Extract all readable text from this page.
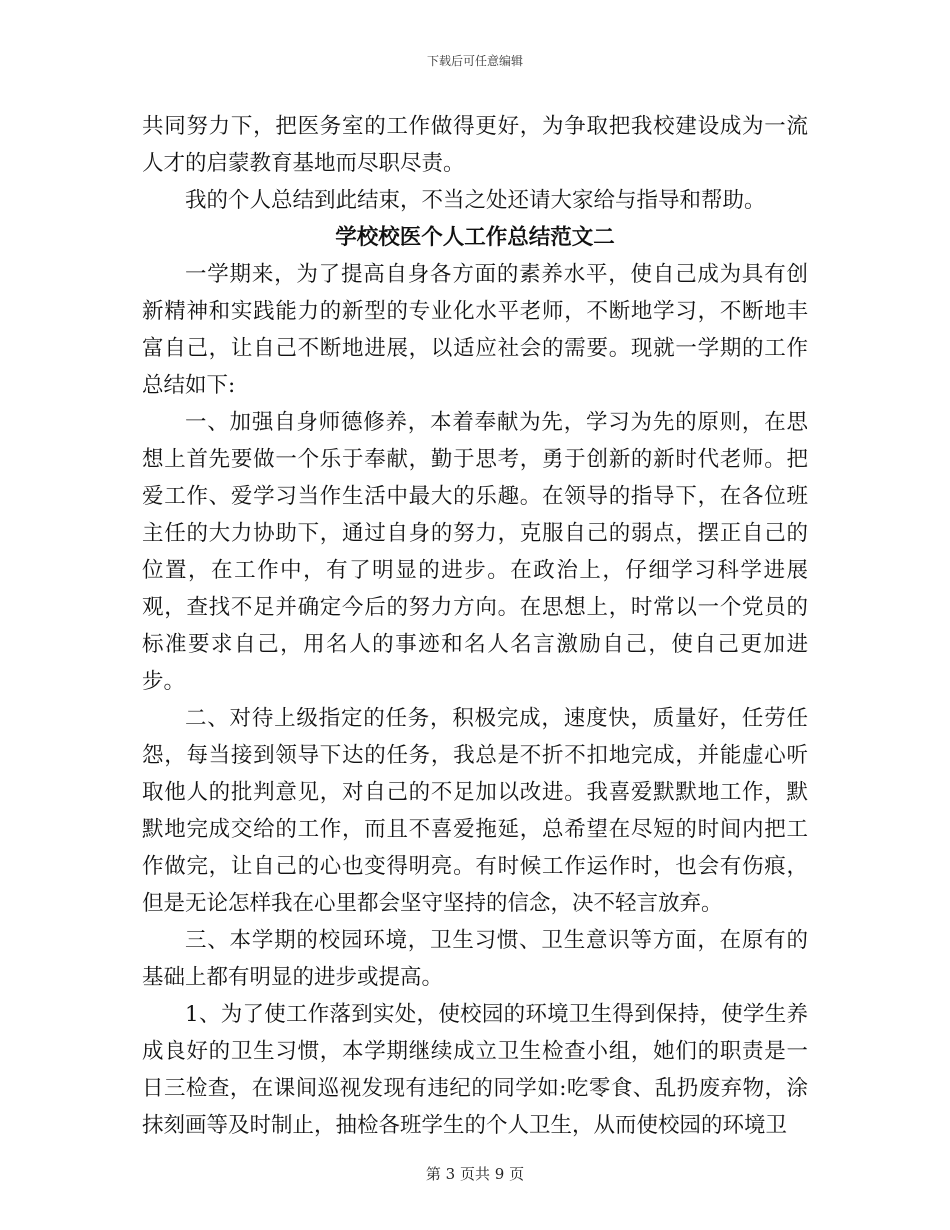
下载后可任意编辑

共同努力下，把医务室的工作做得更好，为争取把我校建设成为一流人才的启蒙教育基地而尽职尽责。

我的个人总结到此结束，不当之处还请大家给与指导和帮助。

学校校医个人工作总结范文二

一学期来，为了提高自身各方面的素养水平，使自己成为具有创新精神和实践能力的新型的专业化水平老师，不断地学习，不断地丰富自己，让自己不断地进展，以适应社会的需要。现就一学期的工作总结如下:

一、加强自身师德修养，本着奉献为先，学习为先的原则，在思想上首先要做一个乐于奉献，勤于思考，勇于创新的新时代老师。把爱工作、爱学习当作生活中最大的乐趣。在领导的指导下，在各位班主任的大力协助下，通过自身的努力，克服自己的弱点，摆正自己的位置，在工作中，有了明显的进步。在政治上，仔细学习科学进展观，查找不足并确定今后的努力方向。在思想上，时常以一个党员的标准要求自己，用名人的事迹和名人名言激励自己，使自己更加进步。

二、对待上级指定的任务，积极完成，速度快，质量好，任劳任怨，每当接到领导下达的任务，我总是不折不扣地完成，并能虚心听取他人的批判意见，对自己的不足加以改进。我喜爱默默地工作，默默地完成交给的工作，而且不喜爱拖延，总希望在尽短的时间内把工作做完，让自己的心也变得明亮。有时候工作运作时，也会有伤痕，但是无论怎样我在心里都会坚守坚持的信念，决不轻言放弃。

三、本学期的校园环境，卫生习惯、卫生意识等方面，在原有的基础上都有明显的进步或提高。

1、为了使工作落到实处，使校园的环境卫生得到保持，使学生养成良好的卫生习惯，本学期继续成立卫生检查小组，她们的职责是一日三检查，在课间巡视发现有违纪的同学如:吃零食、乱扔废弃物，涂抹刻画等及时制止，抽检各班学生的个人卫生，从而使校园的环境卫

第 3 页共 9 页
